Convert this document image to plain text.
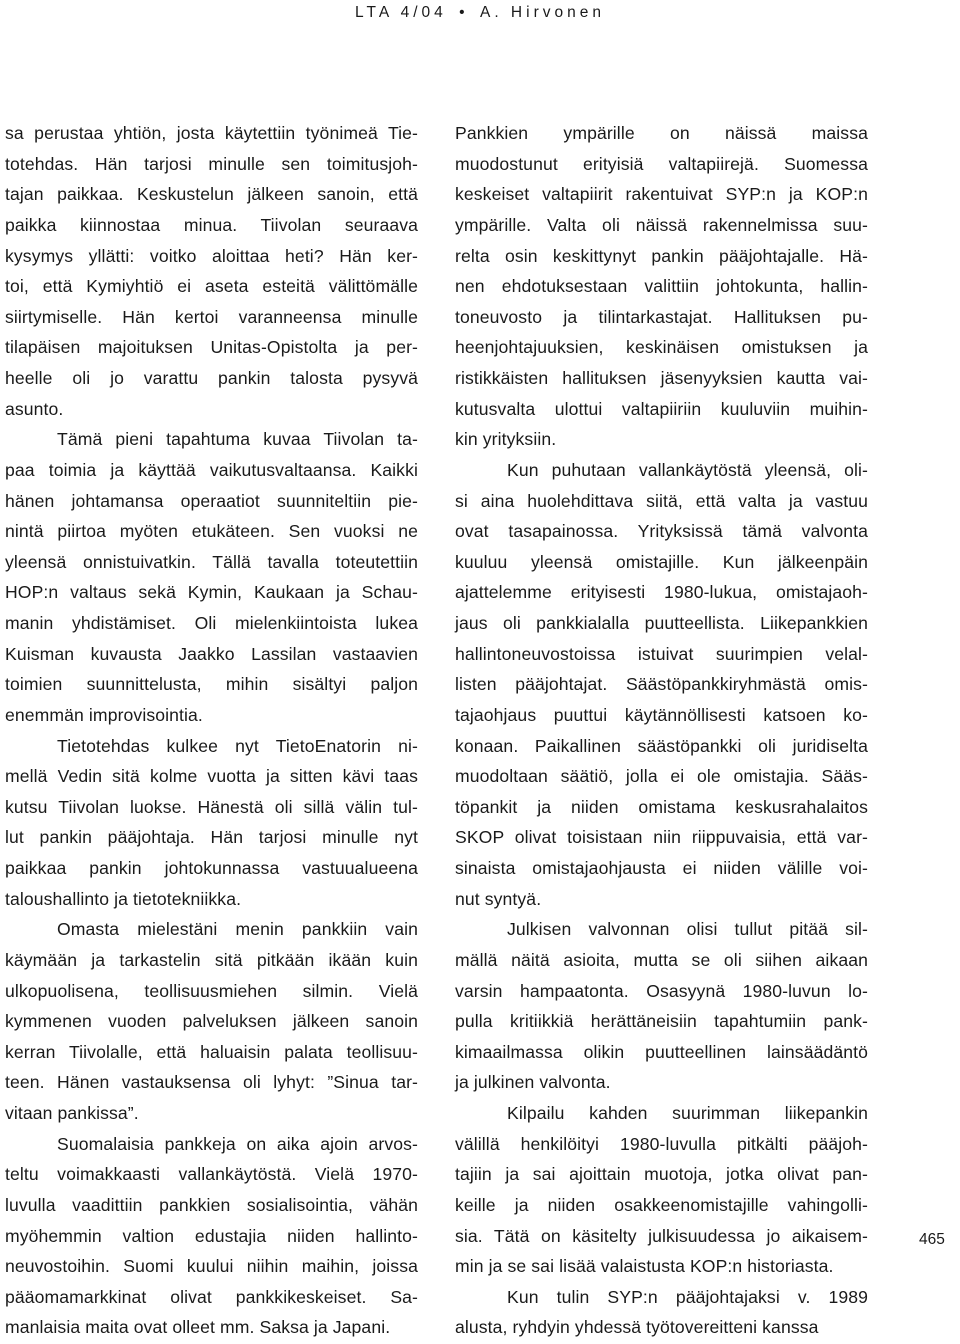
LTA 4/04 • A. Hirvonen
sa perustaa yhtiön, josta käytettiin työnimeä Tie-
totehdas. Hän tarjosi minulle sen toimitusjoh-
tajan paikkaa. Keskustelun jälkeen sanoin, että
paikka kiinnostaa minua. Tiivolan seuraava
kysymys yllätti: voitko aloittaa heti? Hän ker-
toi, että Kymiyhtiö ei aseta esteitä välittömälle
siirtymiselle. Hän kertoi varanneensa minulle
tilapäisen majoituksen Unitas-Opistolta ja per-
heelle oli jo varattu pankin talosta pysyvä
asunto.
Tämä pieni tapahtuma kuvaa Tiivolan ta-
paa toimia ja käyttää vaikutusvaltaansa. Kaikki
hänen johtamansa operaatiot suunniteltiin pie-
nintä piirtoa myöten etukäteen. Sen vuoksi ne
yleensä onnistuivatkin. Tällä tavalla toteutettiin
HOP:n valtaus sekä Kymin, Kaukaan ja Schau-
manin yhdistämiset. Oli mielenkiintoista lukea
Kuisman kuvausta Jaakko Lassilan vastaavien
toimien suunnittelusta, mihin sisältyi paljon
enemmän improvisointia.
Tietotehdas kulkee nyt TietoEnatorin ni-
mellä Vedin sitä kolme vuotta ja sitten kävi taas
kutsu Tiivolan luokse. Hänestä oli sillä välin tul-
lut pankin pääjohtaja. Hän tarjosi minulle nyt
paikkaa pankin johtokunnassa vastuualueena
taloushallinto ja tietotekniikka.
Omasta mielestäni menin pankkiin vain
käymään ja tarkastelin sitä pitkään ikään kuin
ulkopuolisena, teollisuusmiehen silmin. Vielä
kymmenen vuoden palveluksen jälkeen sanoin
kerran Tiivolalle, että haluaisin palata teollisuu-
teen. Hänen vastauksensa oli lyhyt: ”Sinua tar-
vitaan pankissa”.
Suomalaisia pankkeja on aika ajoin arvos-
teltu voimakkaasti vallankäytöstä. Vielä 1970-
luvulla vaadittiin pankkien sosialisointia, vähän
myöhemmin valtion edustajia niiden hallinto-
neuvostoihin. Suomi kuului niihin maihin, joissa
pääomamarkkinat olivat pankkikeskeiset. Sa-
manlaisia maita ovat olleet mm. Saksa ja Japani.
Pankkien ympärille on näissä maissa
muodostunut erityisiä valtapiirejä. Suomessa
keskeiset valtapiirit rakentuivat SYP:n ja KOP:n
ympärille. Valta oli näissä rakennelmissa suu-
relta osin keskittynyt pankin pääjohtajalle. Hä-
nen ehdotuksestaan valittiin johtokunta, hallin-
toneuvosto ja tilintarkastajat. Hallituksen pu-
heenjohtajuuksien, keskinäisen omistuksen ja
ristikkäisten hallituksen jäsenyyksien kautta vai-
kutusvalta ulottui valtapiiriin kuuluviin muihin-
kin yrityksiin.
Kun puhutaan vallankäytöstä yleensä, oli-
si aina huolehdittava siitä, että valta ja vastuu
ovat tasapainossa. Yrityksissä tämä valvonta
kuuluu yleensä omistajille. Kun jälkeenpäin
ajattelemme erityisesti 1980-lukua, omistajaoh-
jaus oli pankkialalla puutteellista. Liikepankkien
hallintoneuvostoissa istuivat suurimpien velal-
listen pääjohtajat. Säästöpankkiryhmästä omis-
tajaohjaus puuttui käytännöllisesti katsoen ko-
konaan. Paikallinen säästöpankki oli juridiselta
muodoltaan säätiö, jolla ei ole omistajia. Sääs-
töpankit ja niiden omistama keskusrahalaitos
SKOP olivat toisistaan niin riippuvaisia, että var-
sinaista omistajaohjausta ei niiden välille voi-
nut syntyä.
Julkisen valvonnan olisi tullut pitää sil-
mällä näitä asioita, mutta se oli siihen aikaan
varsin hampaatonta. Osasyynä 1980-luvun lo-
pulla kritiikkiä herättäneisiin tapahtumiin pank-
kimaailmassa olikin puutteellinen lainsäädäntö
ja julkinen valvonta.
Kilpailu kahden suurimman liikepankin
välillä henkilöityi 1980-luvulla pitkälti pääjoh-
tajiin ja sai ajoittain muotoja, jotka olivat pan-
keille ja niiden osakkeenomistajille vahingolli-
sia. Tätä on käsitelty julkisuudessa jo aikaisem-
min ja se sai lisää valaistusta KOP:n historiasta.
Kun tulin SYP:n pääjohtajaksi v. 1989
alusta, ryhdyin yhdessä työtovereitteni kanssa
465
